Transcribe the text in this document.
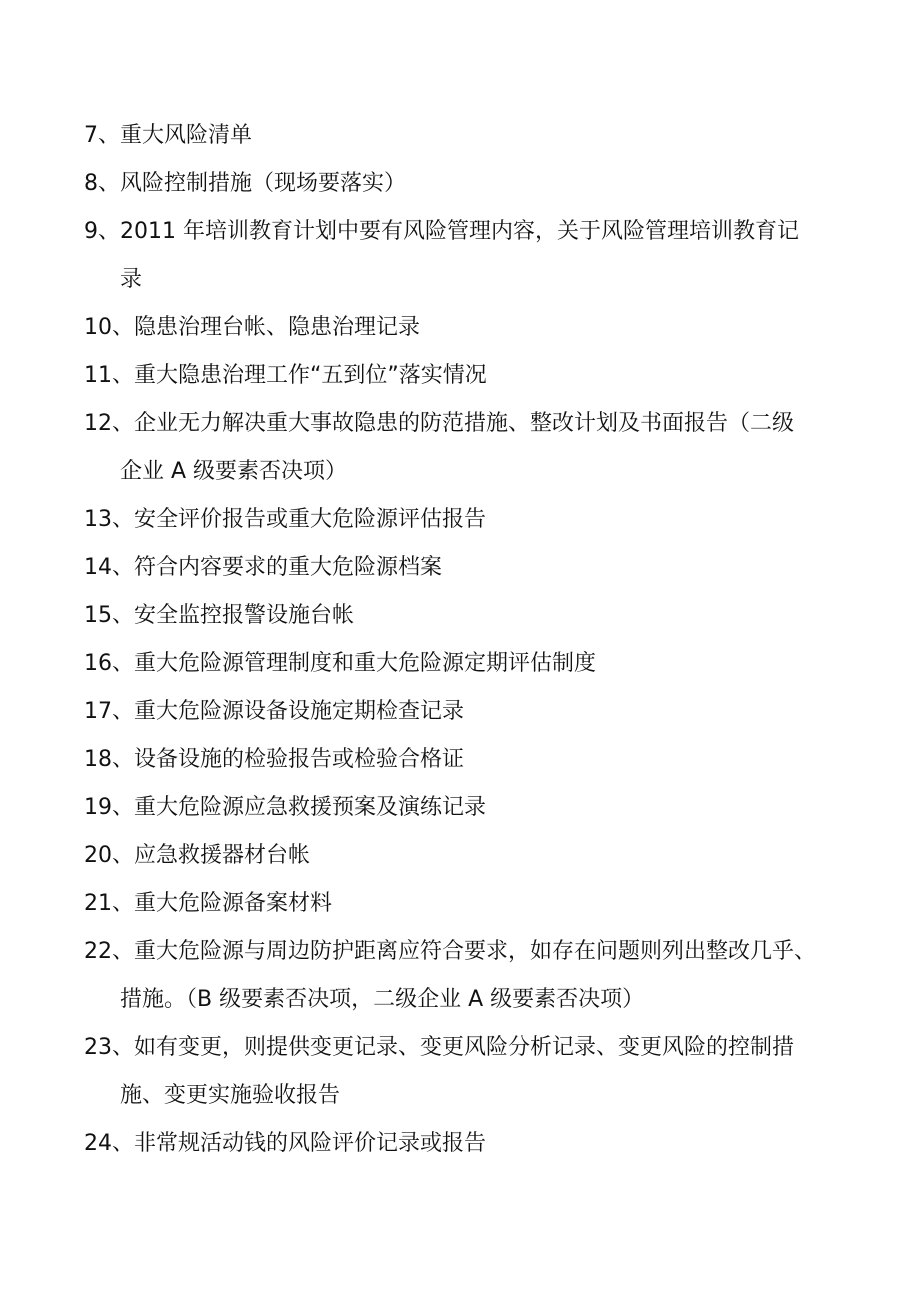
7、重大风险清单
8、风险控制措施（现场要落实）
9、2011 年培训教育计划中要有风险管理内容，关于风险管理培训教育记
录
10、隐患治理台帐、隐患治理记录
11、重大隐患治理工作“五到位”落实情况
12、企业无力解决重大事故隐患的防范措施、整改计划及书面报告（二级
企业 A 级要素否决项）
13、安全评价报告或重大危险源评估报告
14、符合内容要求的重大危险源档案
15、安全监控报警设施台帐
16、重大危险源管理制度和重大危险源定期评估制度
17、重大危险源设备设施定期检查记录
18、设备设施的检验报告或检验合格证
19、重大危险源应急救援预案及演练记录
20、应急救援器材台帐
21、重大危险源备案材料
22、重大危险源与周边防护距离应符合要求，如存在问题则列出整改几乎、
措施。（B 级要素否决项，二级企业 A 级要素否决项）
23、如有变更，则提供变更记录、变更风险分析记录、变更风险的控制措
施、变更实施验收报告
24、非常规活动钱的风险评价记录或报告
